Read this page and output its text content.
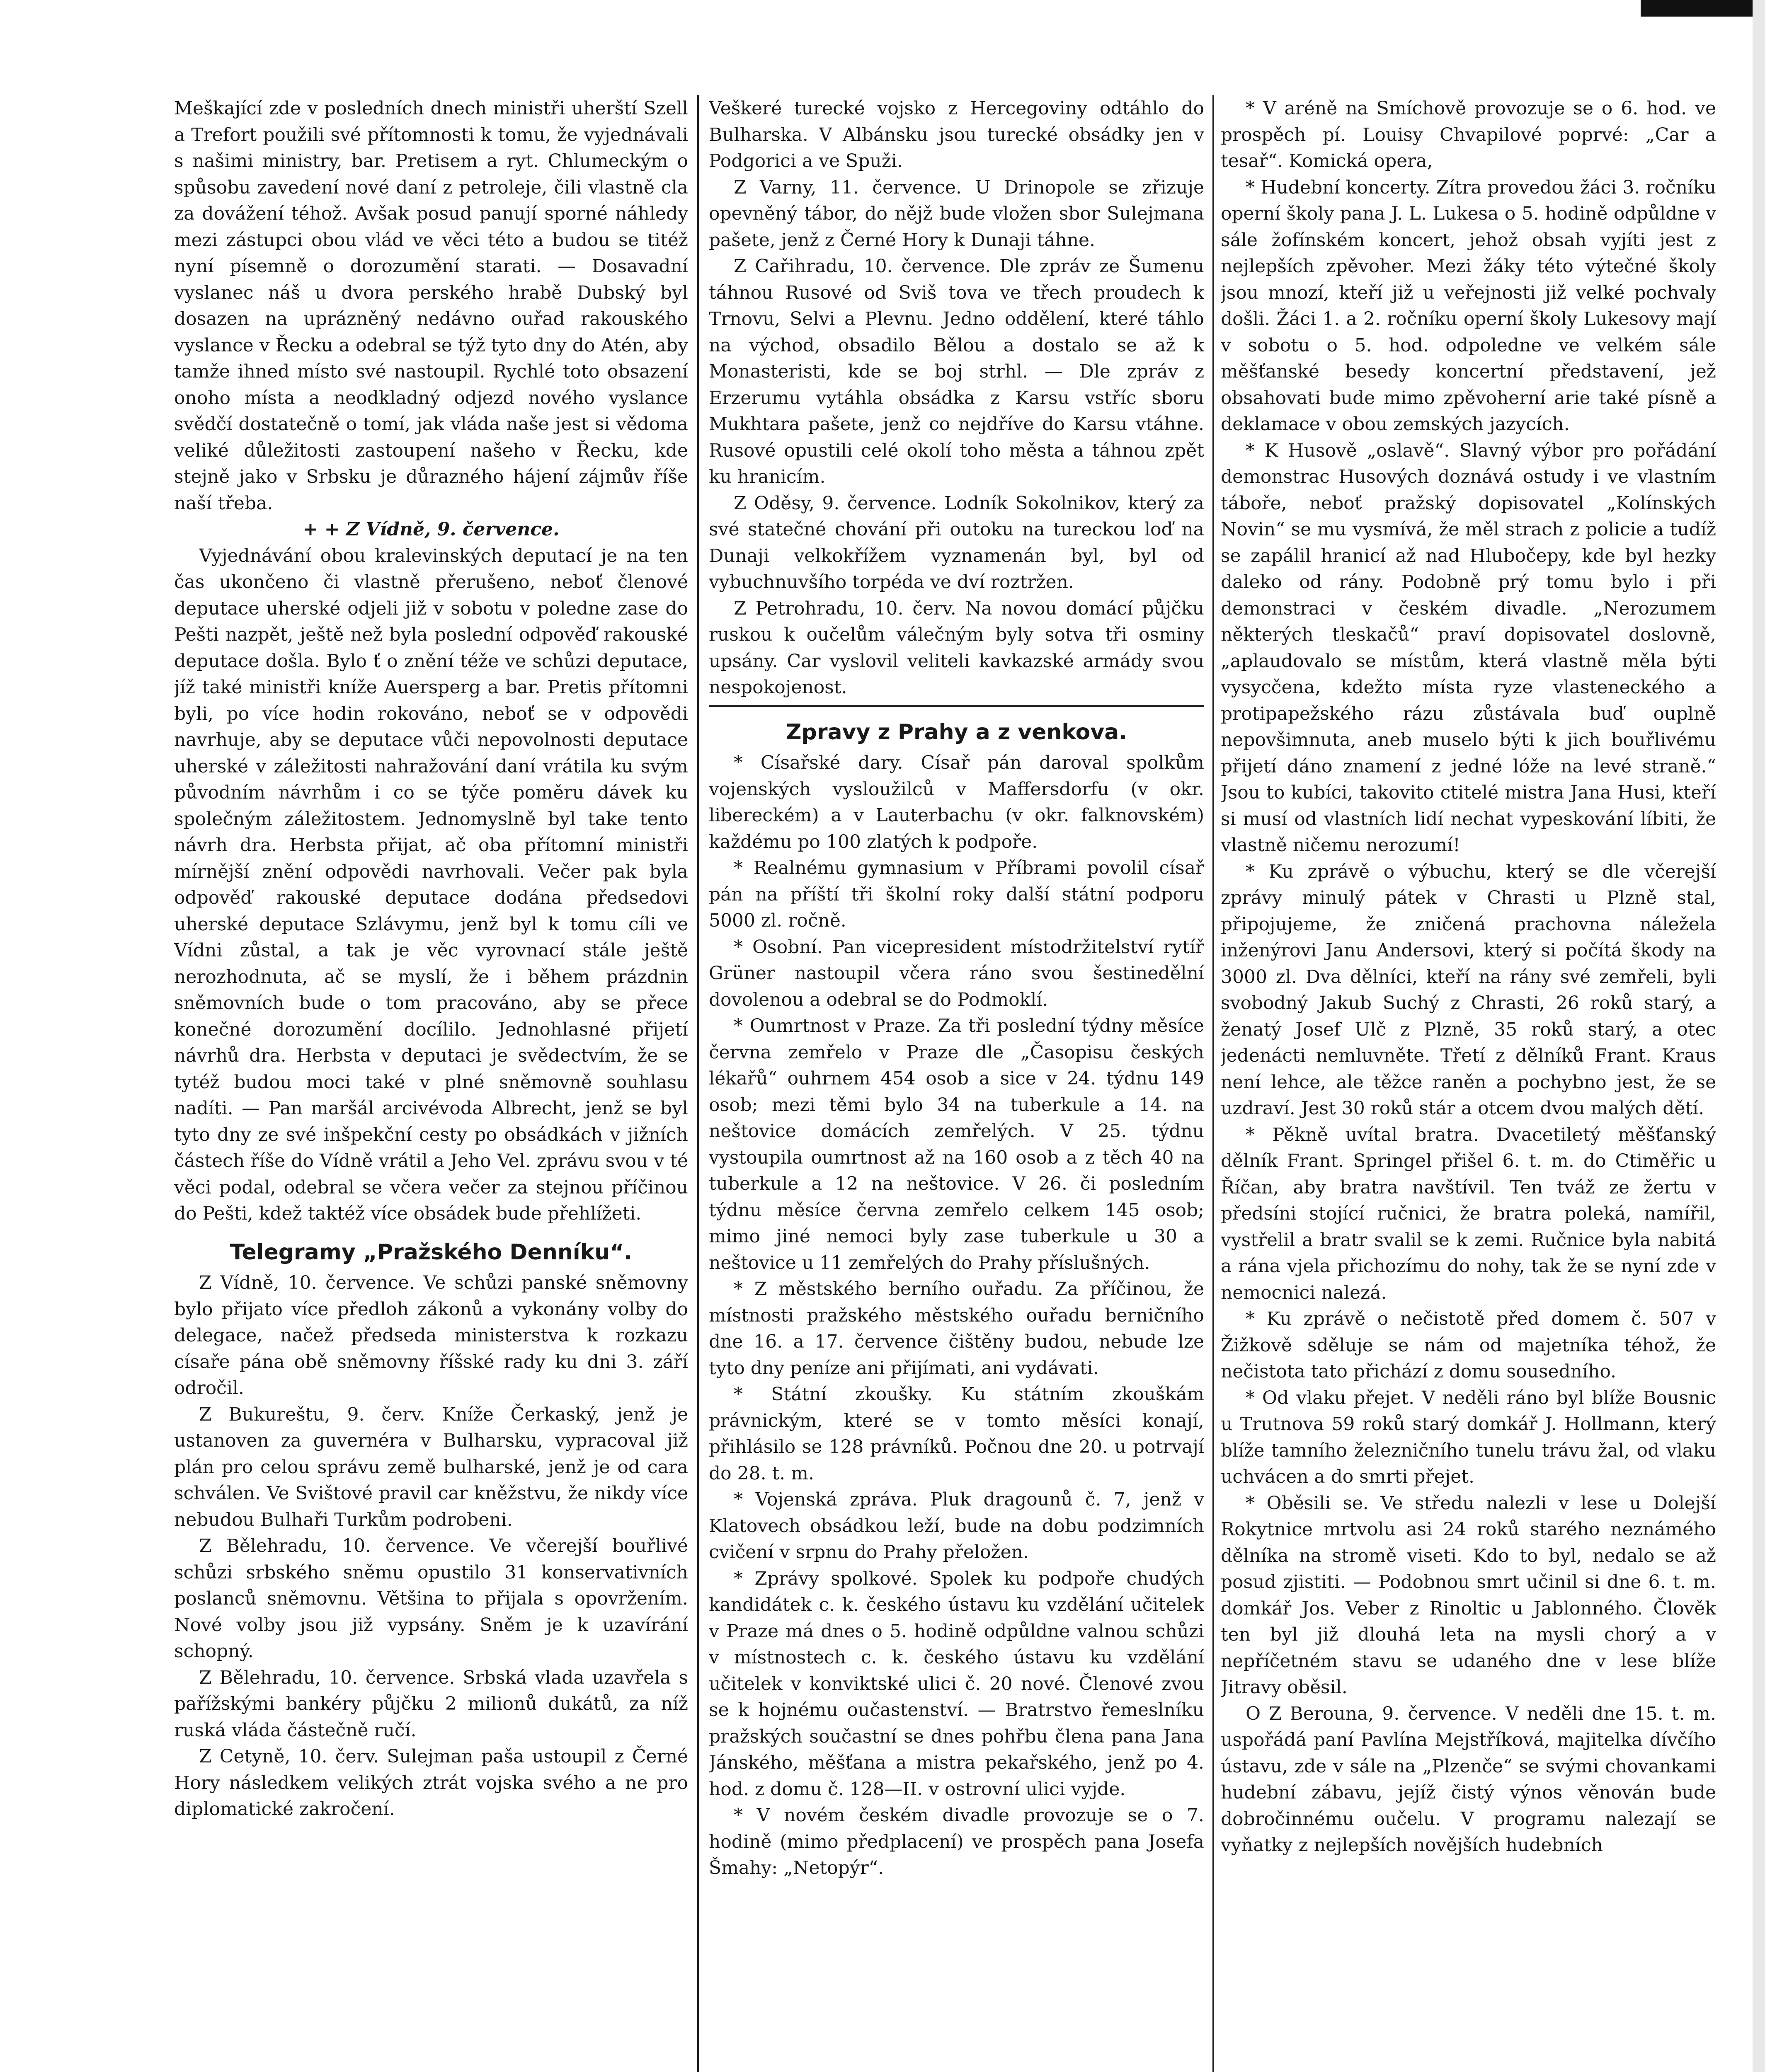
Meškající zde v posledních dnech ministři uherští Szell a Trefort použili své přítomnosti k tomu, že vyjednávali s našimi ministry, bar. Pretisem a ryt. Chlumeckým o spůsobu zavedení nové daní z petroleje, čili vlastně cla za dovážení téhož. Avšak posud panují sporné náhledy mezi zástupci obou vlád ve věci této a budou se titéž nyní písemně o dorozumění starati. — Dosavadní vyslanec náš u dvora perského hrabě Dubský byl dosazen na uprázněný nedávno ouřad rakouského vyslance v Řecku a odebral se týž tyto dny do Atén, aby tamže ihned místo své nastoupil. Rychlé toto obsazení onoho místa a neodkladný odjezd nového vyslance svědčí dostatečně o tomí, jak vláda naše jest si vědoma veliké důležitosti zastoupení našeho v Řecku, kde stejně jako v Srbsku je důrazného hájení zájmův říše naší třeba.

+ + Z Vídně, 9. července.

Vyjednávání obou kralevinských deputací je na ten čas ukončeno či vlastně přerušeno, neboť členové deputace uherské odjeli již v sobotu v poledne zase do Pešti nazpět, ještě než byla poslední odpověď rakouské deputace došla. Bylo ť o znění téže ve schůzi deputace, jíž také ministři kníže Auersperg a bar. Pretis přítomni byli, po více hodin rokováno, neboť se v odpovědi navrhuje, aby se deputace vůči nepovolnosti deputace uherské v záležitosti nahražování daní vrátila ku svým původním návrhům i co se týče poměru dávek ku společným záležitostem. Jednomyslně byl take tento návrh dra. Herbsta přijat, ač oba přítomní ministři mírnější znění odpovědi navrhovali. Večer pak byla odpověď rakouské deputace dodána předsedovi uherské deputace Szlávymu, jenž byl k tomu cíli ve Vídni zůstal, a tak je věc vyrovnací stále ještě nerozhodnuta, ač se myslí, že i během prázdnin sněmovních bude o tom pracováno, aby se přece konečné dorozumění docílilo. Jednohlasné přijetí návrhů dra. Herbsta v deputaci je svědectvím, že se tytéž budou moci také v plné sněmovně souhlasu nadíti. — Pan maršál arcivévoda Albrecht, jenž se byl tyto dny ze své inšpekční cesty po obsádkách v jižních částech říše do Vídně vrátil a Jeho Vel. zprávu svou v té věci podal, odebral se včera večer za stejnou příčinou do Pešti, kdež taktéž více obsádek bude přehlížeti.

Telegramy „Pražského Denníku“.

Z Vídně, 10. července. Ve schůzi panské sněmovny bylo přijato více předloh zákonů a vykonány volby do delegace, načež předseda ministerstva k rozkazu císaře pána obě sněmovny říšské rady ku dni 3. září odročil.

Z Bukureštu, 9. červ. Kníže Čerkaský, jenž je ustanoven za guvernéra v Bulharsku, vypracoval již plán pro celou správu země bulharské, jenž je od cara schválen. Ve Svištové pravil car kněžstvu, že nikdy více nebudou Bulhaři Turkům podrobeni.

Z Bělehradu, 10. července. Ve včerejší bouřlivé schůzi srbského sněmu opustilo 31 konservativních poslanců sněmovnu. Většina to přijala s opovržením. Nové volby jsou již vypsány. Sněm je k uzavírání schopný.

Z Bělehradu, 10. července. Srbská vlada uzavřela s pařížskými bankéry půjčku 2 milionů dukátů, za níž ruská vláda částečně ručí.

Z Cetyně, 10. červ. Sulejman paša ustoupil z Černé Hory následkem velikých ztrát vojska svého a ne pro diplomatické zakročení.

Veškeré turecké vojsko z Hercegoviny odtáhlo do Bulharska. V Albánsku jsou turecké obsádky jen v Podgorici a ve Spuži.

Z Varny, 11. července. U Drinopole se zřizuje opevněný tábor, do nějž bude vložen sbor Sulejmana pašete, jenž z Černé Hory k Dunaji táhne.

Z Cařihradu, 10. července. Dle zpráv ze Šumenu táhnou Rusové od Sviš tova ve třech proudech k Trnovu, Selvi a Plevnu. Jedno oddělení, které táhlo na východ, obsadilo Bělou a dostalo se až k Monasteristi, kde se boj strhl. — Dle zpráv z Erzerumu vytáhla obsádka z Karsu vstříc sboru Mukhtara pašete, jenž co nejdříve do Karsu vtáhne. Rusové opustili celé okolí toho města a táhnou zpět ku hranicím.

Z Oděsy, 9. července. Lodník Sokolnikov, který za své statečné chování při outoku na tureckou loď na Dunaji velkokřížem vyznamenán byl, byl od vybuchnuvšího torpéda ve dví roztržen.

Z Petrohradu, 10. červ. Na novou domácí půjčku ruskou k oučelům válečným byly sotva tři osminy upsány. Car vyslovil veliteli kavkazské armády svou nespokojenost.

Zpravy z Prahy a z venkova.

* Císařské dary. Císař pán daroval spolkům vojenských vysloužilců v Maffersdorfu (v okr. libereckém) a v Lauterbachu (v okr. falknovském) každému po 100 zlatých k podpoře.

* Realnému gymnasium v Příbrami povolil císař pán na příští tři školní roky další státní podporu 5000 zl. ročně.

* Osobní. Pan vicepresident místodržitelství rytíř Grüner nastoupil včera ráno svou šestinedělní dovolenou a odebral se do Podmoklí.

* Oumrtnost v Praze. Za tři poslední týdny měsíce června zemřelo v Praze dle „Časopisu českých lékařů“ ouhrnem 454 osob a sice v 24. týdnu 149 osob; mezi těmi bylo 34 na tuberkule a 14. na neštovice domácích zemřelých. V 25. týdnu vystoupila oumrtnost až na 160 osob a z těch 40 na tuberkule a 12 na neštovice. V 26. či posledním týdnu měsíce června zemřelo celkem 145 osob; mimo jiné nemoci byly zase tuberkule u 30 a neštovice u 11 zemřelých do Prahy příslušných.

* Z městského berního ouřadu. Za příčinou, že místnosti pražského městského ouřadu berničního dne 16. a 17. července čištěny budou, nebude lze tyto dny peníze ani přijímati, ani vydávati.

* Státní zkoušky. Ku státním zkouškám právnickým, které se v tomto měsíci konají, přihlásilo se 128 právníků. Počnou dne 20. u potrvají do 28. t. m.

* Vojenská zpráva. Pluk dragounů č. 7, jenž v Klatovech obsádkou leží, bude na dobu podzimních cvičení v srpnu do Prahy přeložen.

* Zprávy spolkové. Spolek ku podpoře chudých kandidátek c. k. českého ústavu ku vzdělání učitelek v Praze má dnes o 5. hodině odpůldne valnou schůzi v místnostech c. k. českého ústavu ku vzdělání učitelek v konviktské ulici č. 20 nové. Členové zvou se k hojnému oučastenství. — Bratrstvo řemeslníku pražských součastní se dnes pohřbu člena pana Jana Jánského, měšťana a mistra pekařského, jenž po 4. hod. z domu č. 128—II. v ostrovní ulici vyjde.

* V novém českém divadle provozuje se o 7. hodině (mimo předplacení) ve prospěch pana Josefa Šmahy: „Netopýr“.

* V aréně na Smíchově provozuje se o 6. hod. ve prospěch pí. Louisy Chvapilové poprvé: „Car a tesař“. Komická opera,

* Hudební koncerty. Zítra provedou žáci 3. ročníku operní školy pana J. L. Lukesa o 5. hodině odpůldne v sále žofínském koncert, jehož obsah vyjíti jest z nejlepších zpěvoher. Mezi žáky této výtečné školy jsou mnozí, kteří již u veřejnosti již velké pochvaly došli. Žáci 1. a 2. ročníku operní školy Lukesovy mají v sobotu o 5. hod. odpoledne ve velkém sále měšťanské besedy koncertní představení, jež obsahovati bude mimo zpěvoherní arie také písně a deklamace v obou zemských jazycích.

* K Husově „oslavě“. Slavný výbor pro pořádání demonstrac Husových doznává ostudy i ve vlastním táboře, neboť pražský dopisovatel „Kolínských Novin“ se mu vysmívá, že měl strach z policie a tudíž se zapálil hranicí až nad Hlubočepy, kde byl hezky daleko od rány. Podobně prý tomu bylo i při demonstraci v českém divadle. „Nerozumem některých tleskačů“ praví dopisovatel doslovně, „aplaudovalo se místům, která vlastně měla býti vysycčena, kdežto místa ryze vlasteneckého a protipapežského rázu zůstávala buď ouplně nepovšimnuta, aneb muselo býti k jich bouřlivému přijetí dáno znamení z jedné lóže na levé straně.“ Jsou to kubíci, takovito ctitelé mistra Jana Husi, kteří si musí od vlastních lidí nechat vypeskování líbiti, že vlastně ničemu nerozumí!

* Ku zprávě o výbuchu, který se dle včerejší zprávy minulý pátek v Chrasti u Plzně stal, připojujeme, že zničená prachovna náležela inženýrovi Janu Andersovi, který si počítá škody na 3000 zl. Dva dělníci, kteří na rány své zemřeli, byli svobodný Jakub Suchý z Chrasti, 26 roků starý, a ženatý Josef Ulč z Plzně, 35 roků starý, a otec jedenácti nemluvněte. Třetí z dělníků Frant. Kraus není lehce, ale těžce raněn a pochybno jest, že se uzdraví. Jest 30 roků stár a otcem dvou malých dětí.

* Pěkně uvítal bratra. Dvacetiletý měšťanský dělník Frant. Springel přišel 6. t. m. do Ctiměřic u Říčan, aby bratra navštívil. Ten tváž ze žertu v předsíni stojící ručnici, že bratra poleká, namířil, vystřelil a bratr svalil se k zemi. Ručnice byla nabitá a rána vjela přichozímu do nohy, tak že se nyní zde v nemocnici nalezá.

* Ku zprávě o nečistotě před domem č. 507 v Žižkově sděluje se nám od majetníka téhož, že nečistota tato přichází z domu sousedního.

* Od vlaku přejet. V neděli ráno byl blíže Bousnic u Trutnova 59 roků starý domkář J. Hollmann, který blíže tamního železničního tunelu trávu žal, od vlaku uchvácen a do smrti přejet.

* Oběsili se. Ve středu nalezli v lese u Dolejší Rokytnice mrtvolu asi 24 roků starého neznámého dělníka na stromě viseti. Kdo to byl, nedalo se až posud zjistiti. — Podobnou smrt učinil si dne 6. t. m. domkář Jos. Veber z Rinoltic u Jablonného. Člověk ten byl již dlouhá leta na mysli chorý a v nepříčetném stavu se udaného dne v lese blíže Jitravy oběsil.

O Z Berouna, 9. července. V neděli dne 15. t. m. uspořádá paní Pavlína Mejstříková, majitelka dívčího ústavu, zde v sále na „Plzenče“ se svými chovankami hudební zábavu, jejíž čistý výnos věnován bude dobročinnému oučelu. V programu nalezají se vyňatky z nejlepších novějších hudebních
